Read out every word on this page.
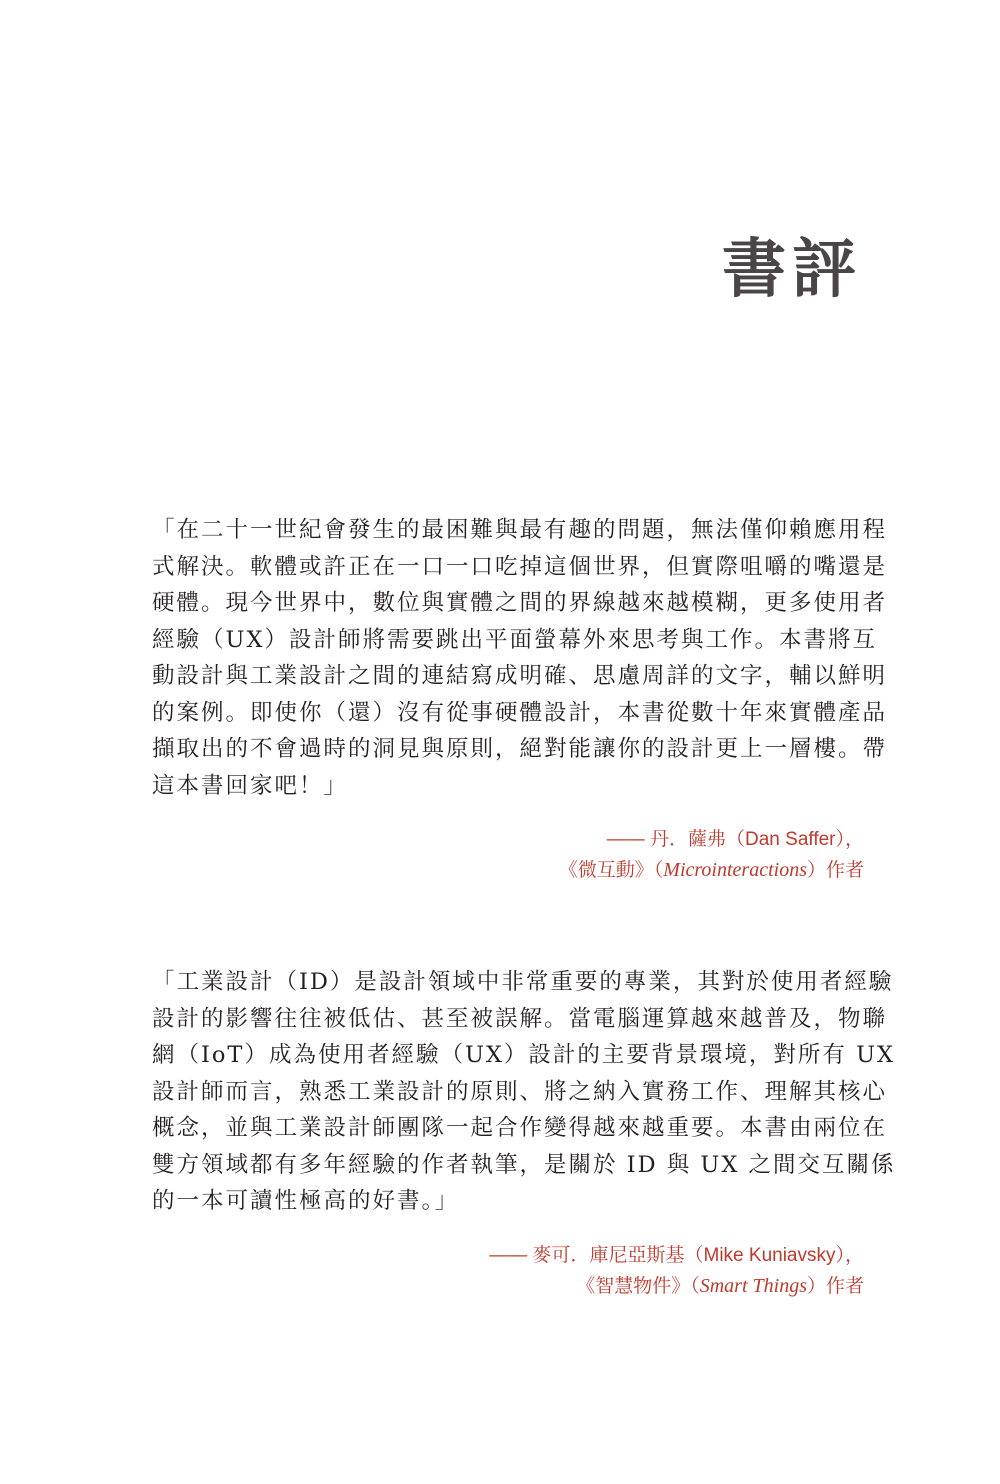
書評

「在二十一世紀會發生的最困難與最有趣的問題，無法僅仰賴應用程
式解決。軟體或許正在一口一口吃掉這個世界，但實際咀嚼的嘴還是
硬體。現今世界中，數位與實體之間的界線越來越模糊，更多使用者
經驗（UX）設計師將需要跳出平面螢幕外來思考與工作。本書將互
動設計與工業設計之間的連結寫成明確、思慮周詳的文字，輔以鮮明
的案例。即使你（還）沒有從事硬體設計，本書從數十年來實體產品
擷取出的不會過時的洞見與原則，絕對能讓你的設計更上一層樓。帶
這本書回家吧！」

—— 丹．薩弗（Dan Saffer），
《微互動》（Microinteractions）作者

「工業設計（ID）是設計領域中非常重要的專業，其對於使用者經驗
設計的影響往往被低估、甚至被誤解。當電腦運算越來越普及，物聯
網（IoT）成為使用者經驗（UX）設計的主要背景環境，對所有 UX
設計師而言，熟悉工業設計的原則、將之納入實務工作、理解其核心
概念，並與工業設計師團隊一起合作變得越來越重要。本書由兩位在
雙方領域都有多年經驗的作者執筆，是關於 ID 與 UX 之間交互關係
的一本可讀性極高的好書。」

—— 麥可．庫尼亞斯基（Mike Kuniavsky），
《智慧物件》（Smart Things）作者
